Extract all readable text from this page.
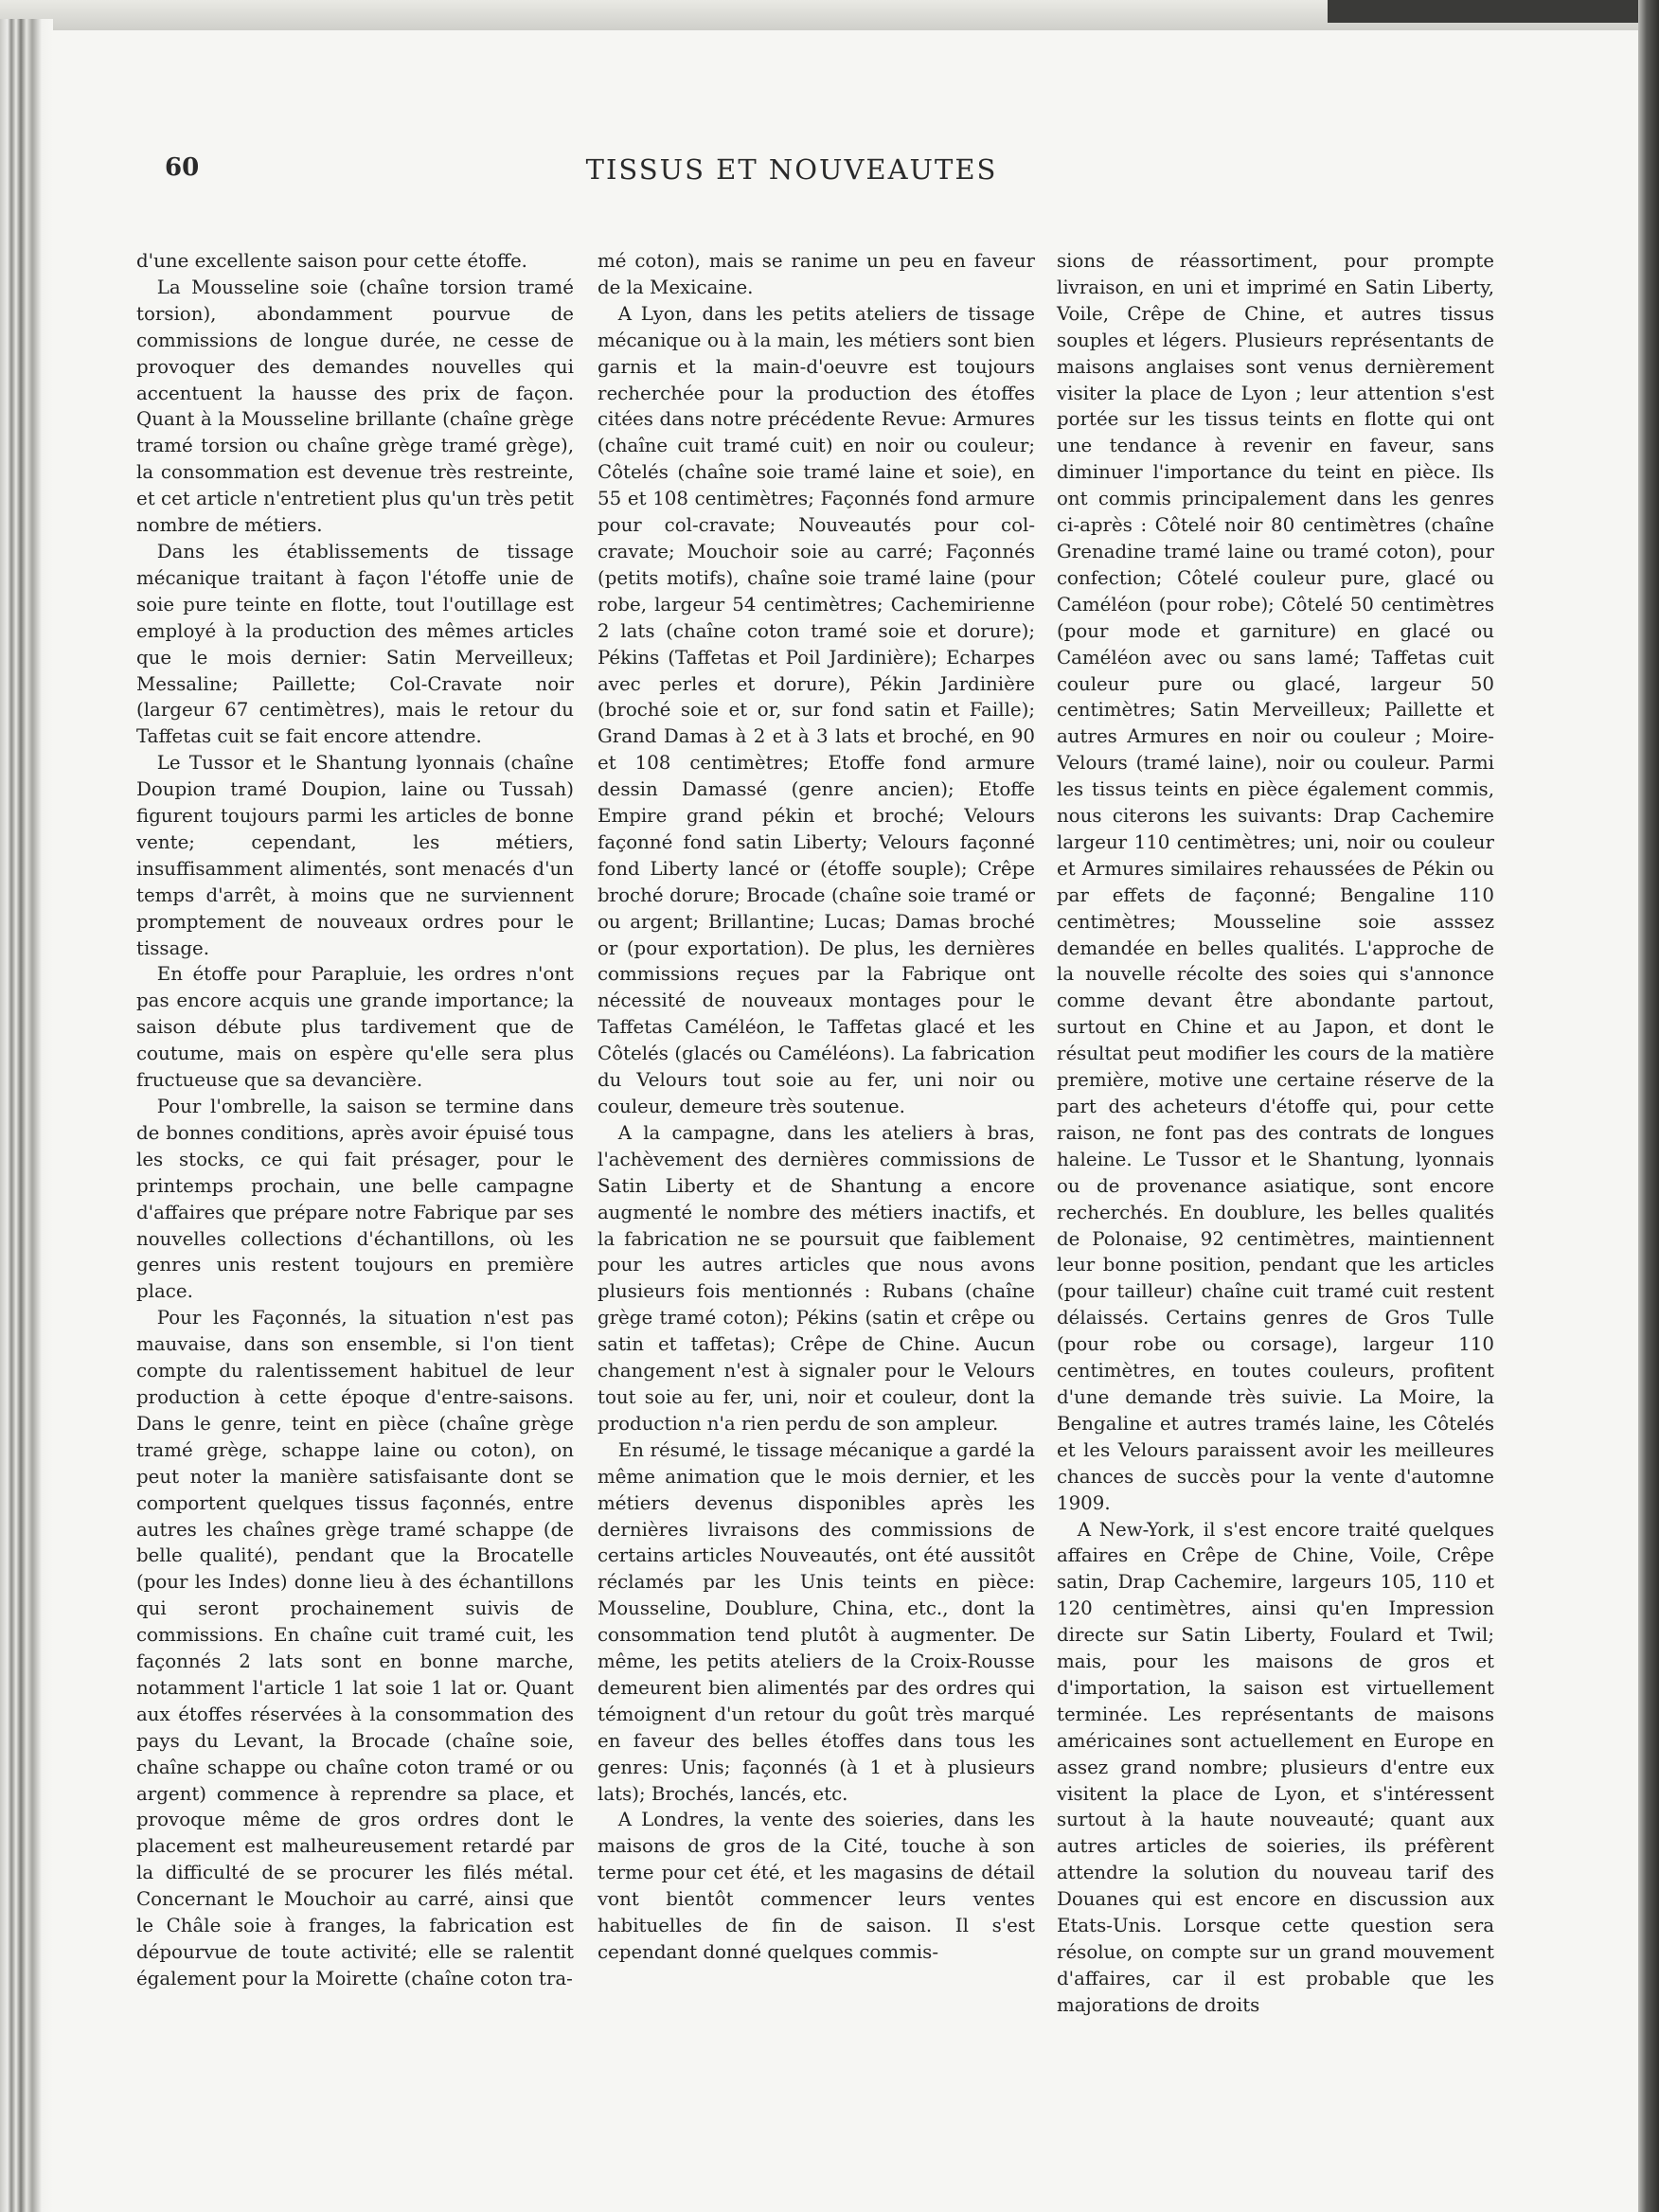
60	TISSUS ET NOUVEAUTES

d'une excellente saison pour cette étoffe.

La Mousseline soie (chaîne torsion tramé torsion), abondamment pourvue de commissions de longue durée, ne cesse de provoquer des demandes nouvelles qui accentuent la hausse des prix de façon. Quant à la Mousseline brillante (chaîne grège tramé torsion ou chaîne grège tramé grège), la consommation est devenue très restreinte, et cet article n'entretient plus qu'un très petit nombre de métiers.

Dans les établissements de tissage mécanique traitant à façon l'étoffe unie de soie pure teinte en flotte, tout l'outillage est employé à la production des mêmes articles que le mois dernier: Satin Merveilleux; Messaline; Paillette; Col-Cravate noir (largeur 67 centimètres), mais le retour du Taffetas cuit se fait encore attendre.

Le Tussor et le Shantung lyonnais (chaîne Doupion tramé Doupion, laine ou Tussah) figurent toujours parmi les articles de bonne vente; cependant, les métiers, insuffisamment alimentés, sont menacés d'un temps d'arrêt, à moins que ne surviennent promptement de nouveaux ordres pour le tissage.

En étoffe pour Parapluie, les ordres n'ont pas encore acquis une grande importance; la saison débute plus tardivement que de coutume, mais on espère qu'elle sera plus fructueuse que sa devancière.

Pour l'ombrelle, la saison se termine dans de bonnes conditions, après avoir épuisé tous les stocks, ce qui fait présager, pour le printemps prochain, une belle campagne d'affaires que prépare notre Fabrique par ses nouvelles collections d'échantillons, où les genres unis restent toujours en première place.

Pour les Façonnés, la situation n'est pas mauvaise, dans son ensemble, si l'on tient compte du ralentissement habituel de leur production à cette époque d'entre-saisons. Dans le genre, teint en pièce (chaîne grège tramé grège, schappe laine ou coton), on peut noter la manière satisfaisante dont se comportent quelques tissus façonnés, entre autres les chaînes grège tramé schappe (de belle qualité), pendant que la Brocatelle (pour les Indes) donne lieu à des échantillons qui seront prochainement suivis de commissions. En chaîne cuit tramé cuit, les façonnés 2 lats sont en bonne marche, notamment l'article 1 lat soie 1 lat or. Quant aux étoffes réservées à la consommation des pays du Levant, la Brocade (chaîne soie, chaîne schappe ou chaîne coton tramé or ou argent) commence à reprendre sa place, et provoque même de gros ordres dont le placement est malheureusement retardé par la difficulté de se procurer les filés métal. Concernant le Mouchoir au carré, ainsi que le Châle soie à franges, la fabrication est dépourvue de toute activité; elle se ralentit également pour la Moirette (chaîne coton tra-

mé coton), mais se ranime un peu en faveur de la Mexicaine.

A Lyon, dans les petits ateliers de tissage mécanique ou à la main, les métiers sont bien garnis et la main-d'oeuvre est toujours recherchée pour la production des étoffes citées dans notre précédente Revue: Armures (chaîne cuit tramé cuit) en noir ou couleur; Côtelés (chaîne soie tramé laine et soie), en 55 et 108 centimètres; Façonnés fond armure pour col-cravate; Nouveautés pour col-cravate; Mouchoir soie au carré; Façonnés (petits motifs), chaîne soie tramé laine (pour robe, largeur 54 centimètres; Cachemirienne 2 lats (chaîne coton tramé soie et dorure); Pékins (Taffetas et Poil Jardinière); Echarpes avec perles et dorure), Pékin Jardinière (broché soie et or, sur fond satin et Faille); Grand Damas à 2 et à 3 lats et broché, en 90 et 108 centimètres; Etoffe fond armure dessin Damassé (genre ancien); Etoffe Empire grand pékin et broché; Velours façonné fond satin Liberty; Velours façonné fond Liberty lancé or (étoffe souple); Crêpe broché dorure; Brocade (chaîne soie tramé or ou argent; Brillantine; Lucas; Damas broché or (pour exportation). De plus, les dernières commissions reçues par la Fabrique ont nécessité de nouveaux montages pour le Taffetas Caméléon, le Taffetas glacé et les Côtelés (glacés ou Caméléons). La fabrication du Velours tout soie au fer, uni noir ou couleur, demeure très soutenue.

A la campagne, dans les ateliers à bras, l'achèvement des dernières commissions de Satin Liberty et de Shantung a encore augmenté le nombre des métiers inactifs, et la fabrication ne se poursuit que faiblement pour les autres articles que nous avons plusieurs fois mentionnés : Rubans (chaîne grège tramé coton); Pékins (satin et crêpe ou satin et taffetas); Crêpe de Chine. Aucun changement n'est à signaler pour le Velours tout soie au fer, uni, noir et couleur, dont la production n'a rien perdu de son ampleur.

En résumé, le tissage mécanique a gardé la même animation que le mois dernier, et les métiers devenus disponibles après les dernières livraisons des commissions de certains articles Nouveautés, ont été aussitôt réclamés par les Unis teints en pièce: Mousseline, Doublure, China, etc., dont la consommation tend plutôt à augmenter. De même, les petits ateliers de la Croix-Rousse demeurent bien alimentés par des ordres qui témoignent d'un retour du goût très marqué en faveur des belles étoffes dans tous les genres: Unis; façonnés (à 1 et à plusieurs lats); Brochés, lancés, etc.

A Londres, la vente des soieries, dans les maisons de gros de la Cité, touche à son terme pour cet été, et les magasins de détail vont bientôt commencer leurs ventes habituelles de fin de saison. Il s'est cependant donné quelques commis-

sions de réassortiment, pour prompte livraison, en uni et imprimé en Satin Liberty, Voile, Crêpe de Chine, et autres tissus souples et légers. Plusieurs représentants de maisons anglaises sont venus dernièrement visiter la place de Lyon ; leur attention s'est portée sur les tissus teints en flotte qui ont une tendance à revenir en faveur, sans diminuer l'importance du teint en pièce. Ils ont commis principalement dans les genres ci-après : Côtelé noir 80 centimètres (chaîne Grenadine tramé laine ou tramé coton), pour confection; Côtelé couleur pure, glacé ou Caméléon (pour robe); Côtelé 50 centimètres (pour mode et garniture) en glacé ou Caméléon avec ou sans lamé; Taffetas cuit couleur pure ou glacé, largeur 50 centimètres; Satin Merveilleux; Paillette et autres Armures en noir ou couleur ; Moire-Velours (tramé laine), noir ou couleur. Parmi les tissus teints en pièce également commis, nous citerons les suivants: Drap Cachemire largeur 110 centimètres; uni, noir ou couleur et Armures similaires rehaussées de Pékin ou par effets de façonné; Bengaline 110 centimètres; Mousseline soie asssez demandée en belles qualités. L'approche de la nouvelle récolte des soies qui s'annonce comme devant être abondante partout, surtout en Chine et au Japon, et dont le résultat peut modifier les cours de la matière première, motive une certaine réserve de la part des acheteurs d'étoffe qui, pour cette raison, ne font pas des contrats de longues haleine. Le Tussor et le Shantung, lyonnais ou de provenance asiatique, sont encore recherchés. En doublure, les belles qualités de Polonaise, 92 centimètres, maintiennent leur bonne position, pendant que les articles (pour tailleur) chaîne cuit tramé cuit restent délaissés. Certains genres de Gros Tulle (pour robe ou corsage), largeur 110 centimètres, en toutes couleurs, profitent d'une demande très suivie. La Moire, la Bengaline et autres tramés laine, les Côtelés et les Velours paraissent avoir les meilleures chances de succès pour la vente d'automne 1909.

A New-York, il s'est encore traité quelques affaires en Crêpe de Chine, Voile, Crêpe satin, Drap Cachemire, largeurs 105, 110 et 120 centimètres, ainsi qu'en Impression directe sur Satin Liberty, Foulard et Twil; mais, pour les maisons de gros et d'importation, la saison est virtuellement terminée. Les représentants de maisons américaines sont actuellement en Europe en assez grand nombre; plusieurs d'entre eux visitent la place de Lyon, et s'intéressent surtout à la haute nouveauté; quant aux autres articles de soieries, ils préfèrent attendre la solution du nouveau tarif des Douanes qui est encore en discussion aux Etats-Unis. Lorsque cette question sera résolue, on compte sur un grand mouvement d'affaires, car il est probable que les majorations de droits
